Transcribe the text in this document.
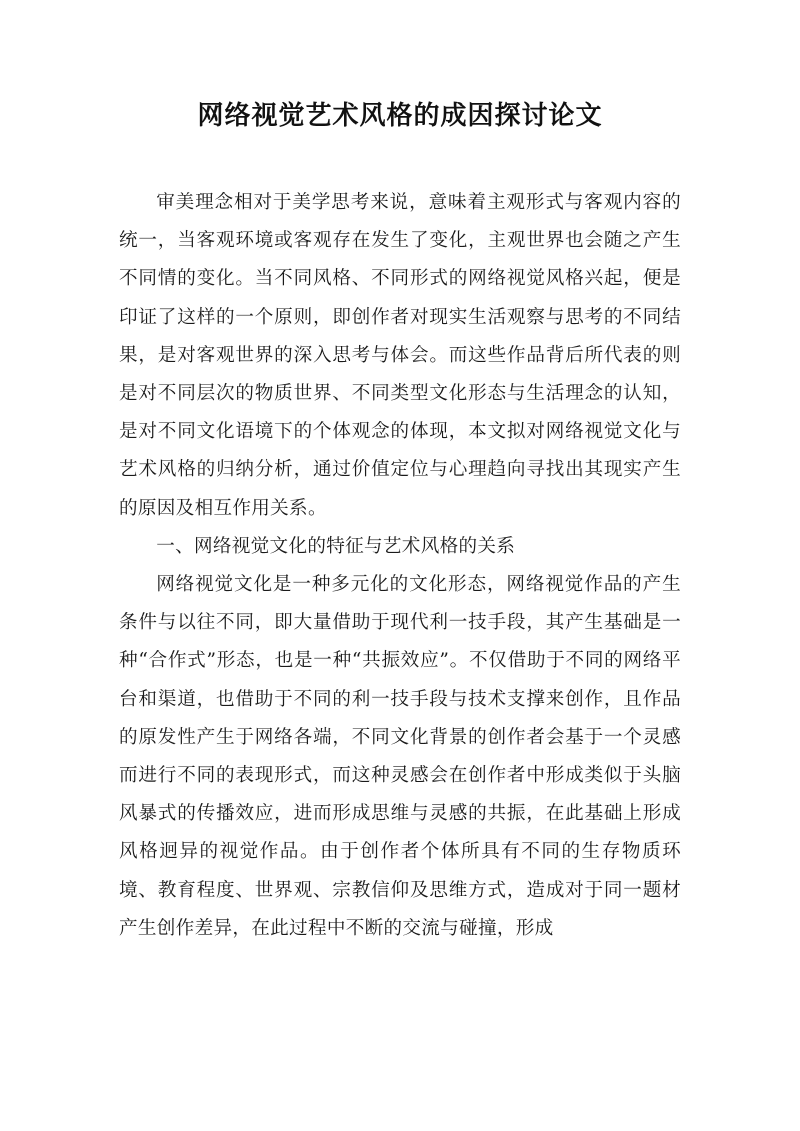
网络视觉艺术风格的成因探讨论文

审美理念相对于美学思考来说，意味着主观形式与客观内容的统一，当客观环境或客观存在发生了变化，主观世界也会随之产生不同情的变化。当不同风格、不同形式的网络视觉风格兴起，便是印证了这样的一个原则，即创作者对现实生活观察与思考的不同结果，是对客观世界的深入思考与体会。而这些作品背后所代表的则是对不同层次的物质世界、不同类型文化形态与生活理念的认知，是对不同文化语境下的个体观念的体现，本文拟对网络视觉文化与艺术风格的归纳分析，通过价值定位与心理趋向寻找出其现实产生的原因及相互作用关系。

一、网络视觉文化的特征与艺术风格的关系

网络视觉文化是一种多元化的文化形态，网络视觉作品的产生条件与以往不同，即大量借助于现代利一技手段，其产生基础是一种“合作式”形态，也是一种“共振效应”。不仅借助于不同的网络平台和渠道，也借助于不同的利一技手段与技术支撑来创作，且作品的原发性产生于网络各端，不同文化背景的创作者会基于一个灵感而进行不同的表现形式，而这种灵感会在创作者中形成类似于头脑风暴式的传播效应，进而形成思维与灵感的共振，在此基础上形成风格迥异的视觉作品。由于创作者个体所具有不同的生存物质环境、教育程度、世界观、宗教信仰及思维方式，造成对于同一题材产生创作差异，在此过程中不断的交流与碰撞，形成
